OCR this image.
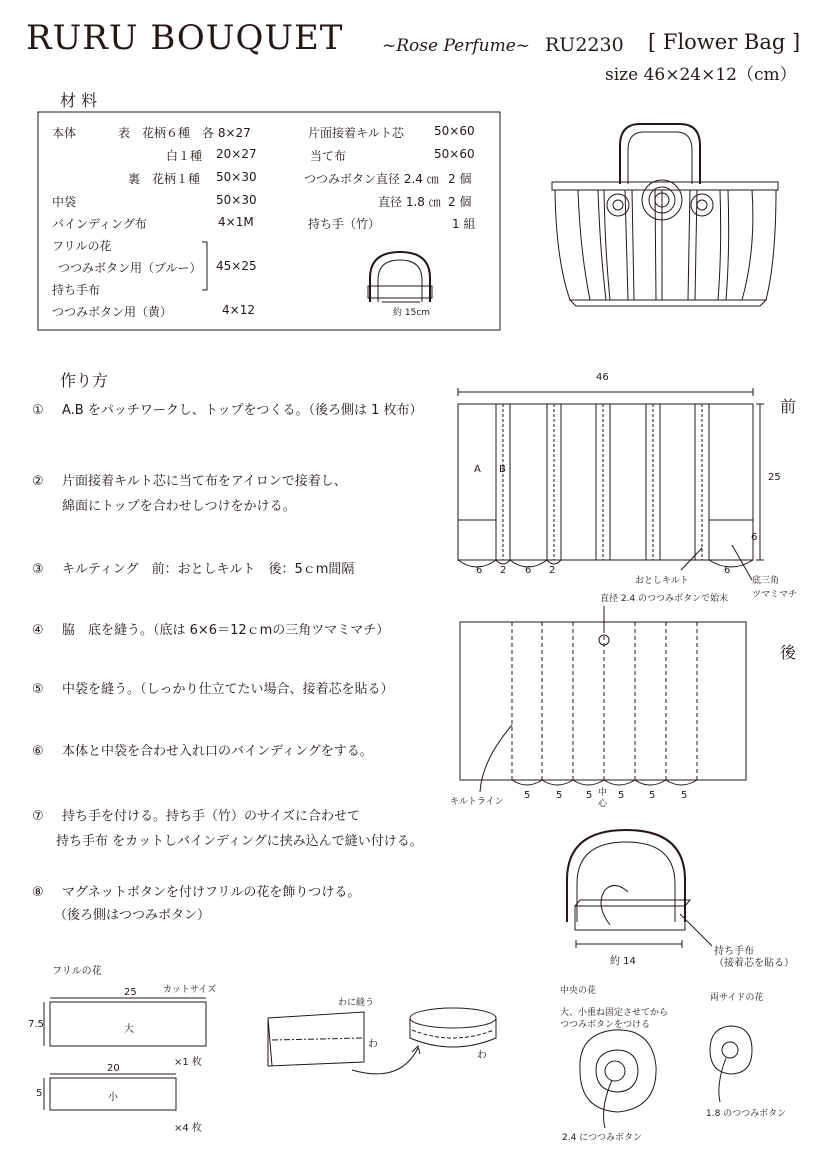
RURU BOUQUET ~Rose Perfume~ RU2230 [ Flower Bag ]
size 46×24×12（cm）
材 料
本体	表　花柄６種　各 8×27
白１種 20×27
裏　花柄１種 50×30
中袋	50×30
バインディング布	4×1M
フリルの花
つつみボタン用（ブルー） 45×25
持ち手布
つつみボタン用（黄）	4×12
片面接着キルト芯	50×60
当て布	50×60
つつみボタン直径 2.4 ㎝ 2 個
直径 1.8 ㎝ 2 個
持ち手（竹）	1 組
約 15cm
作り方
① A.B をパッチワークし、トップをつくる。（後ろ側は 1 枚布）
② 片面接着キルト芯に当て布をアイロンで接着し、
綿面にトップを合わせしつけをかける。
③ キルティング　前：おとしキルト　後：5ｃm間隔
④ 脇　底を縫う。（底は 6×6＝12ｃmの三角ツマミマチ）
⑤ 中袋を縫う。（しっかり仕立てたい場合、接着芯を貼る）
⑥ 本体と中袋を合わせ入れ口のバインディングをする。
⑦ 持ち手を付ける。持ち手（竹）のサイズに合わせて
持ち手布 をカットしバインディングに挟み込んで縫い付ける。
⑧ マグネットボタンを付けフリルの花を飾りつける。
（後ろ側はつつみボタン）
前
46
25
A B
6 2 6 2	6
6
おとしキルト	底三角
ツマミマチ
直径 2.4 のつつみボタンで始末
後
キルトライン
5	5 5	5 5	5
中
心
約 14
持ち手布
（接着芯を貼る）
フリルの花
カットサイズ
25
7.5	大
×1 枚
20
5	小
×4 枚
わに縫う
わ
わ
中央の花
大、小重ね固定させてから
つつみボタンをつける
2.4 につつみボタン
両サイドの花
1.8 のつつみボタン
